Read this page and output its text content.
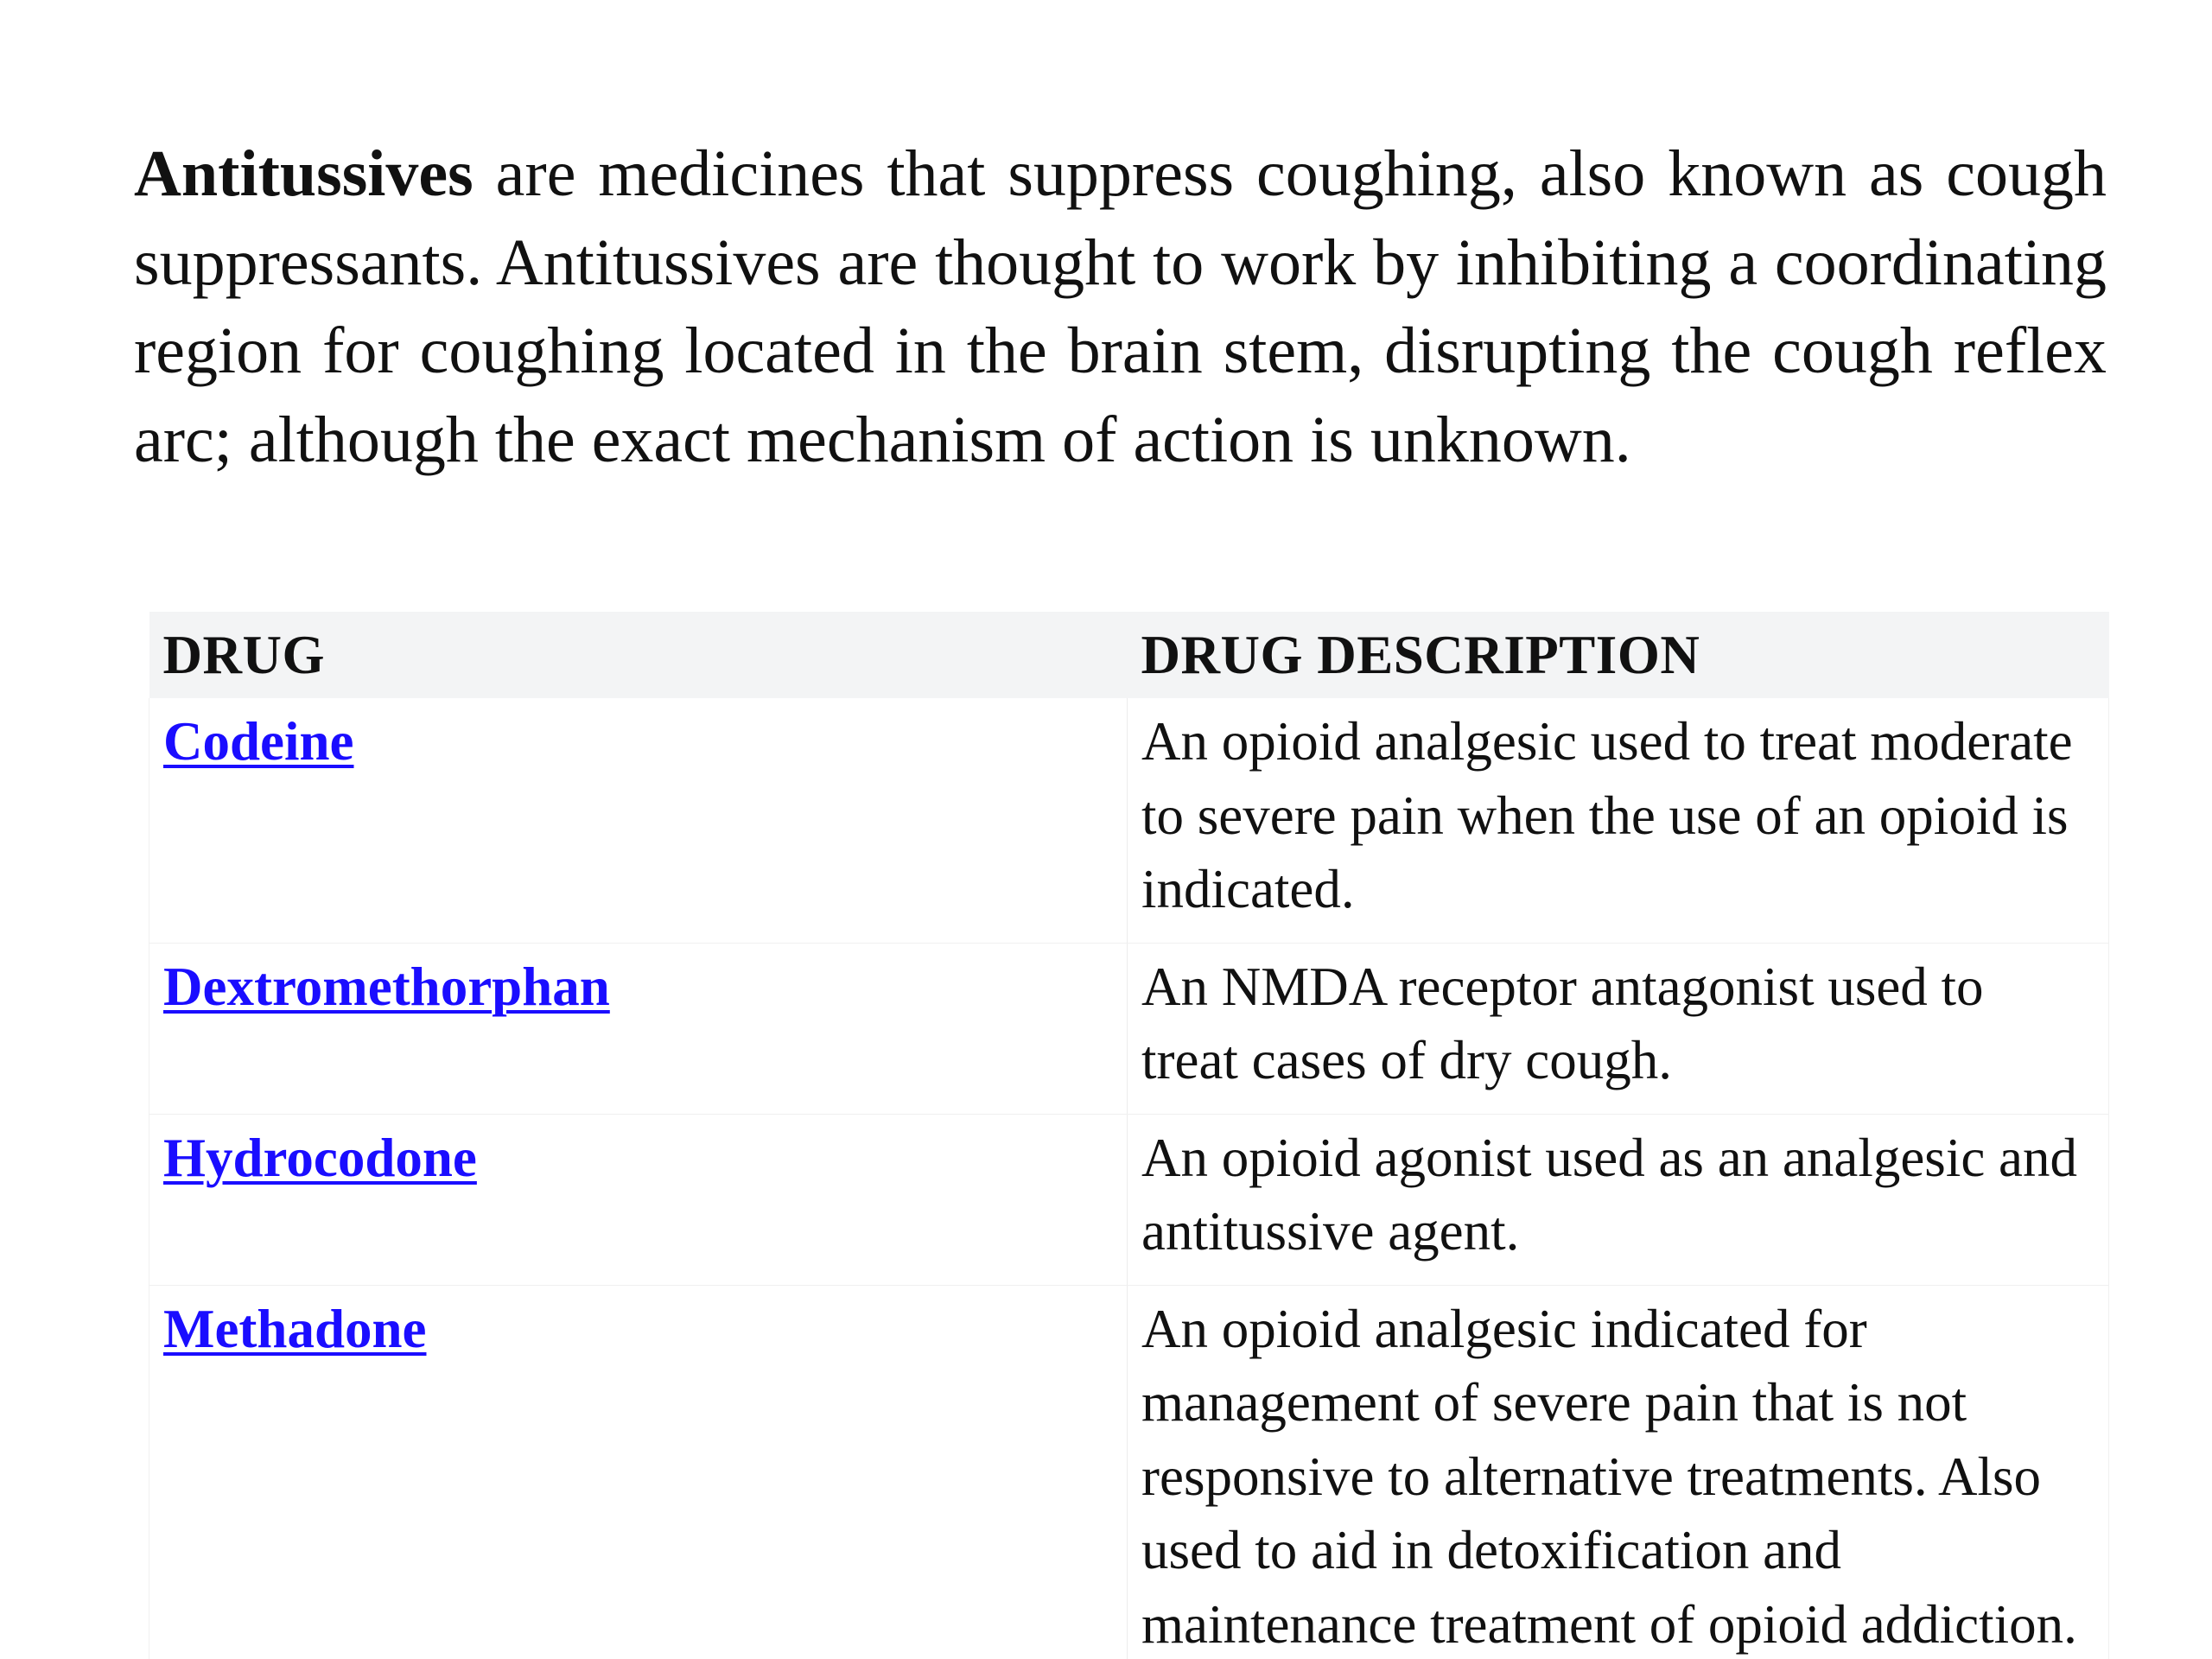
Antitussives are medicines that suppress coughing, also known as cough suppressants. Antitussives are thought to work by inhibiting a coordinating region for coughing located in the brain stem, disrupting the cough reflex arc; although the exact mechanism of action is unknown.

DRUG	DRUG DESCRIPTION
Codeine	An opioid analgesic used to treat moderate to severe pain when the use of an opioid is indicated.
Dextromethorphan	An NMDA receptor antagonist used to treat cases of dry cough.
Hydrocodone	An opioid agonist used as an analgesic and antitussive agent.
Methadone	An opioid analgesic indicated for management of severe pain that is not responsive to alternative treatments. Also used to aid in detoxification and maintenance treatment of opioid addiction.
